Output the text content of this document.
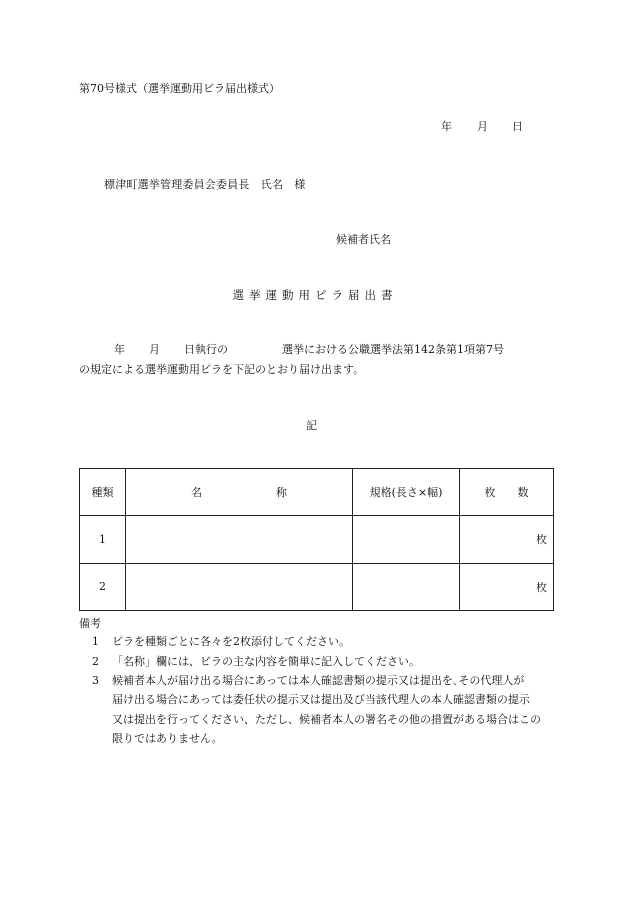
第70号様式（選挙運動用ビラ届出様式）
年 月 日
標津町選挙管理委員会委員長　氏名　様
候補者氏名
選挙運動用ビラ届出書
年 月 日執行の	選挙における公職選挙法第142条第1項第7号
の規定による選挙運動用ビラを下記のとおり届け出ます。
記
種類	名 称	規格(長さ×幅)	枚 数
1			枚
2			枚
備考
1 ビラを種類ごとに各々を2枚添付してください。
2 「名称」欄には、ビラの主な内容を簡単に記入してください。
3 候補者本人が届け出る場合にあっては本人確認書類の提示又は提出を､その代理人が
届け出る場合にあっては委任状の提示又は提出及び当該代理人の本人確認書類の提示
又は提出を行ってください、ただし、候補者本人の署名その他の措置がある場合はこの
限りではありません。
